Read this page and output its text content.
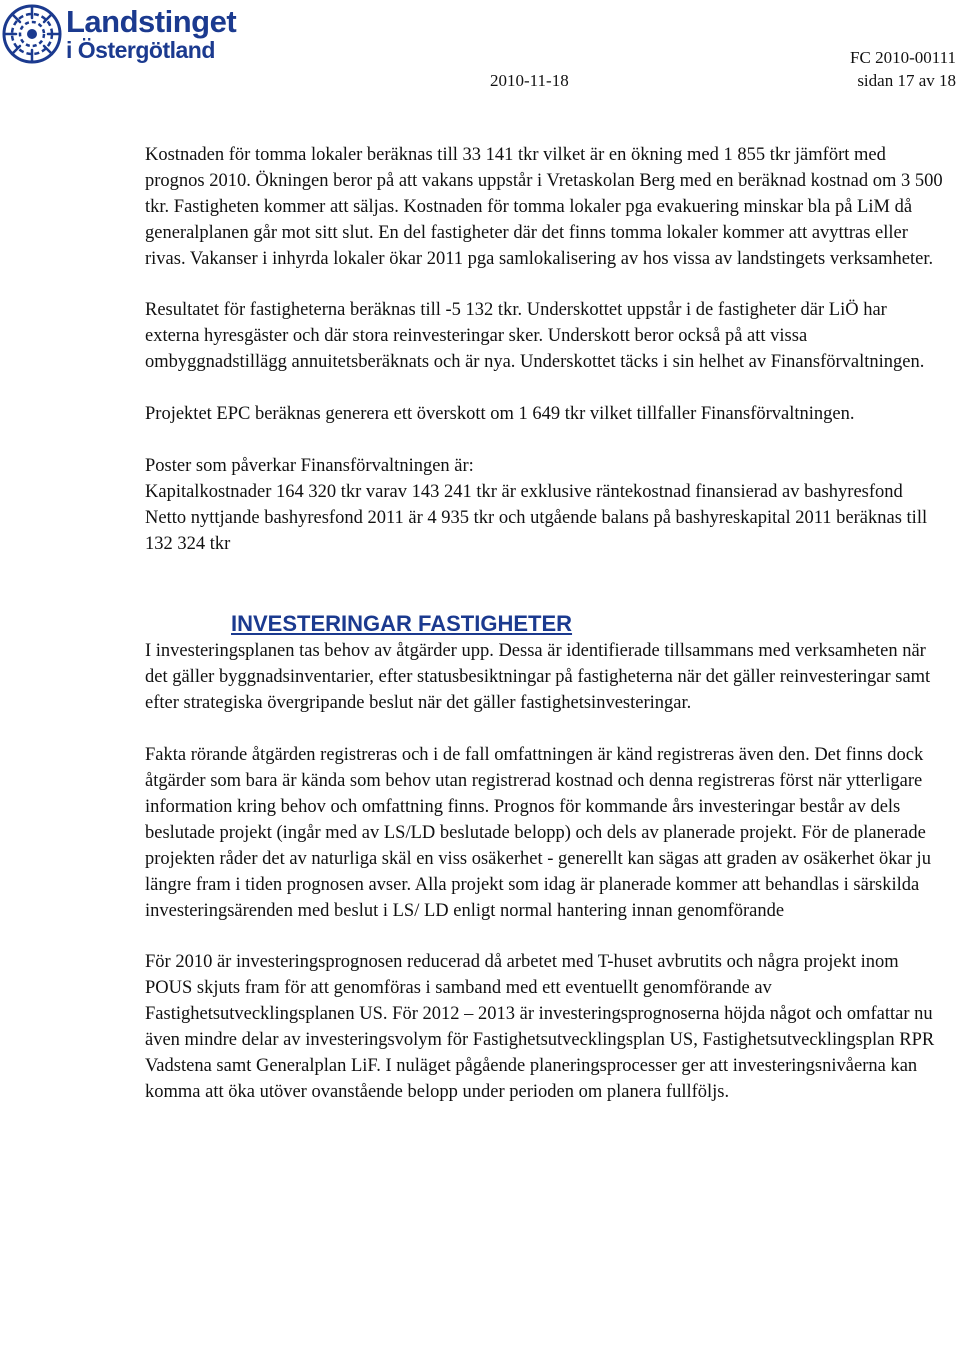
Landstinget
i Östergötland	FC 2010-00111
2010-11-18	sidan 17 av 18

Kostnaden för tomma lokaler beräknas till 33 141 tkr vilket är en ökning med 1 855 tkr jämfört med prognos 2010. Ökningen beror på att vakans uppstår i Vretaskolan Berg med en beräknad kostnad om 3 500 tkr. Fastigheten kommer att säljas. Kostnaden för tomma lokaler pga evakuering minskar bla på LiM då generalplanen går mot sitt slut. En del fastigheter där det finns tomma lokaler kommer att avyttras eller rivas. Vakanser i inhyrda lokaler ökar 2011 pga samlokalisering av hos vissa av landstingets verksamheter.

Resultatet för fastigheterna beräknas till -5 132 tkr. Underskottet uppstår i de fastigheter där LiÖ har externa hyresgäster och där stora reinvesteringar sker. Underskott beror också på att vissa ombyggnadstillägg annuitetsberäknats och är nya. Underskottet täcks i sin helhet av Finansförvaltningen.

Projektet EPC beräknas generera ett överskott om 1 649 tkr vilket tillfaller Finansförvaltningen.

Poster som påverkar Finansförvaltningen är:

Kapitalkostnader 164 320 tkr varav 143 241 tkr är exklusive räntekostnad finansierad av bashyresfond

Netto nyttjande bashyresfond 2011 är 4 935 tkr och utgående balans på bashyreskapital 2011 beräknas till 132 324 tkr

INVESTERINGAR FASTIGHETER

I investeringsplanen tas behov av åtgärder upp. Dessa är identifierade tillsammans med verksamheten när det gäller byggnadsinventarier, efter statusbesiktningar på fastigheterna när det gäller reinvesteringar samt efter strategiska övergripande beslut när det gäller fastighetsinvesteringar.

Fakta rörande åtgärden registreras och i de fall omfattningen är känd registreras även den. Det finns dock åtgärder som bara är kända som behov utan registrerad kostnad och denna registreras först när ytterligare information kring behov och omfattning finns. Prognos för kommande års investeringar består av dels beslutade projekt (ingår med av LS/LD beslutade belopp) och dels av planerade projekt. För de planerade projekten råder det av naturliga skäl en viss osäkerhet - generellt kan sägas att graden av osäkerhet ökar ju längre fram i tiden prognosen avser. Alla projekt som idag är planerade kommer att behandlas i särskilda investeringsärenden med beslut i LS/ LD enligt normal hantering innan genomförande

För 2010 är investeringsprognosen reducerad då arbetet med T-huset avbrutits och några projekt inom POUS skjuts fram för att genomföras i samband med ett eventuellt genomförande av Fastighetsutvecklingsplanen US. För 2012 – 2013 är investeringsprognoserna höjda något och omfattar nu även mindre delar av investeringsvolym för Fastighetsutvecklingsplan US, Fastighetsutvecklingsplan RPR Vadstena samt Generalplan LiF. I nuläget pågående planeringsprocesser ger att investeringsnivåerna kan komma att öka utöver ovanstående belopp under perioden om planera fullföljs.
